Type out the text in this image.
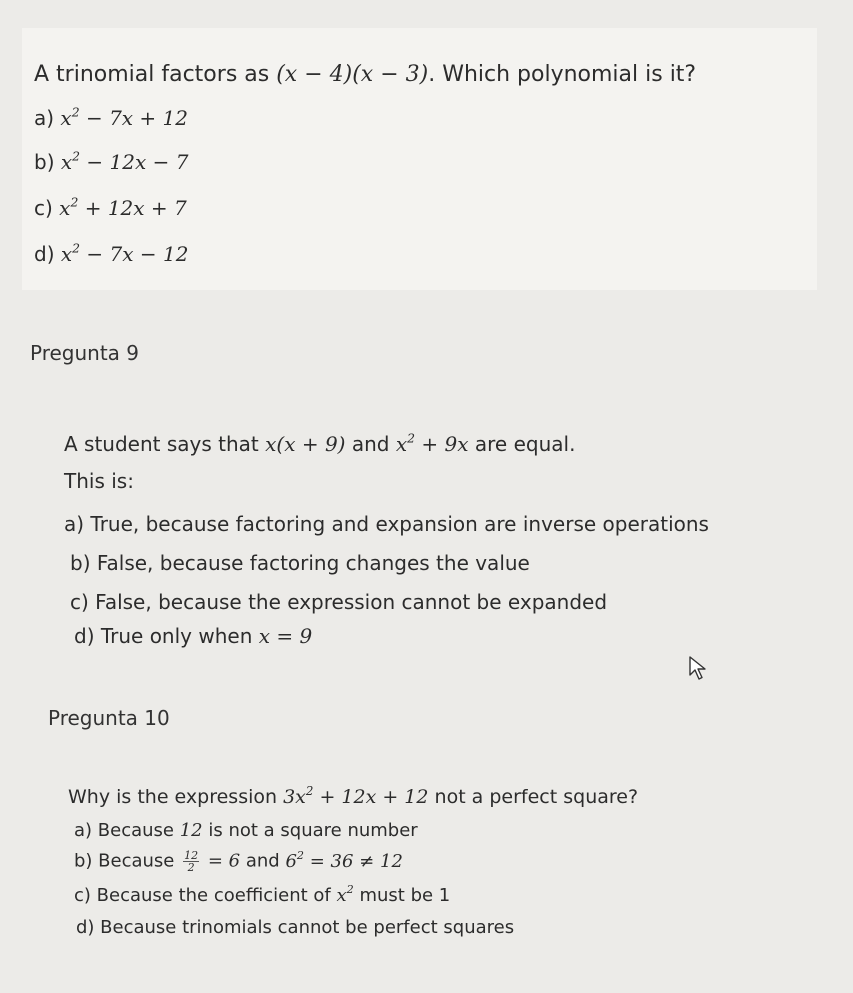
A trinomial factors as (x − 4)(x − 3). Which polynomial is it?
a) $x^2 - 7x + 12$
b) $x^2 - 12x - 7$
c) $x^2 + 12x + 7$
d) $x^2 - 7x - 12$
Pregunta 9
A student says that x(x + 9) and $x^2 + 9x$ are equal.
This is:
a) True, because factoring and expansion are inverse operations
b) False, because factoring changes the value
c) False, because the expression cannot be expanded
d) True only when x = 9
Pregunta 10
Why is the expression $3x^2 + 12x + 12$ not a perfect square?
a) Because 12 is not a square number
b) Because $\frac{12}{2} = 6$ and $6^2 = 36 \ne 12$
c) Because the coefficient of $x^2$ must be 1
d) Because trinomials cannot be perfect squares
